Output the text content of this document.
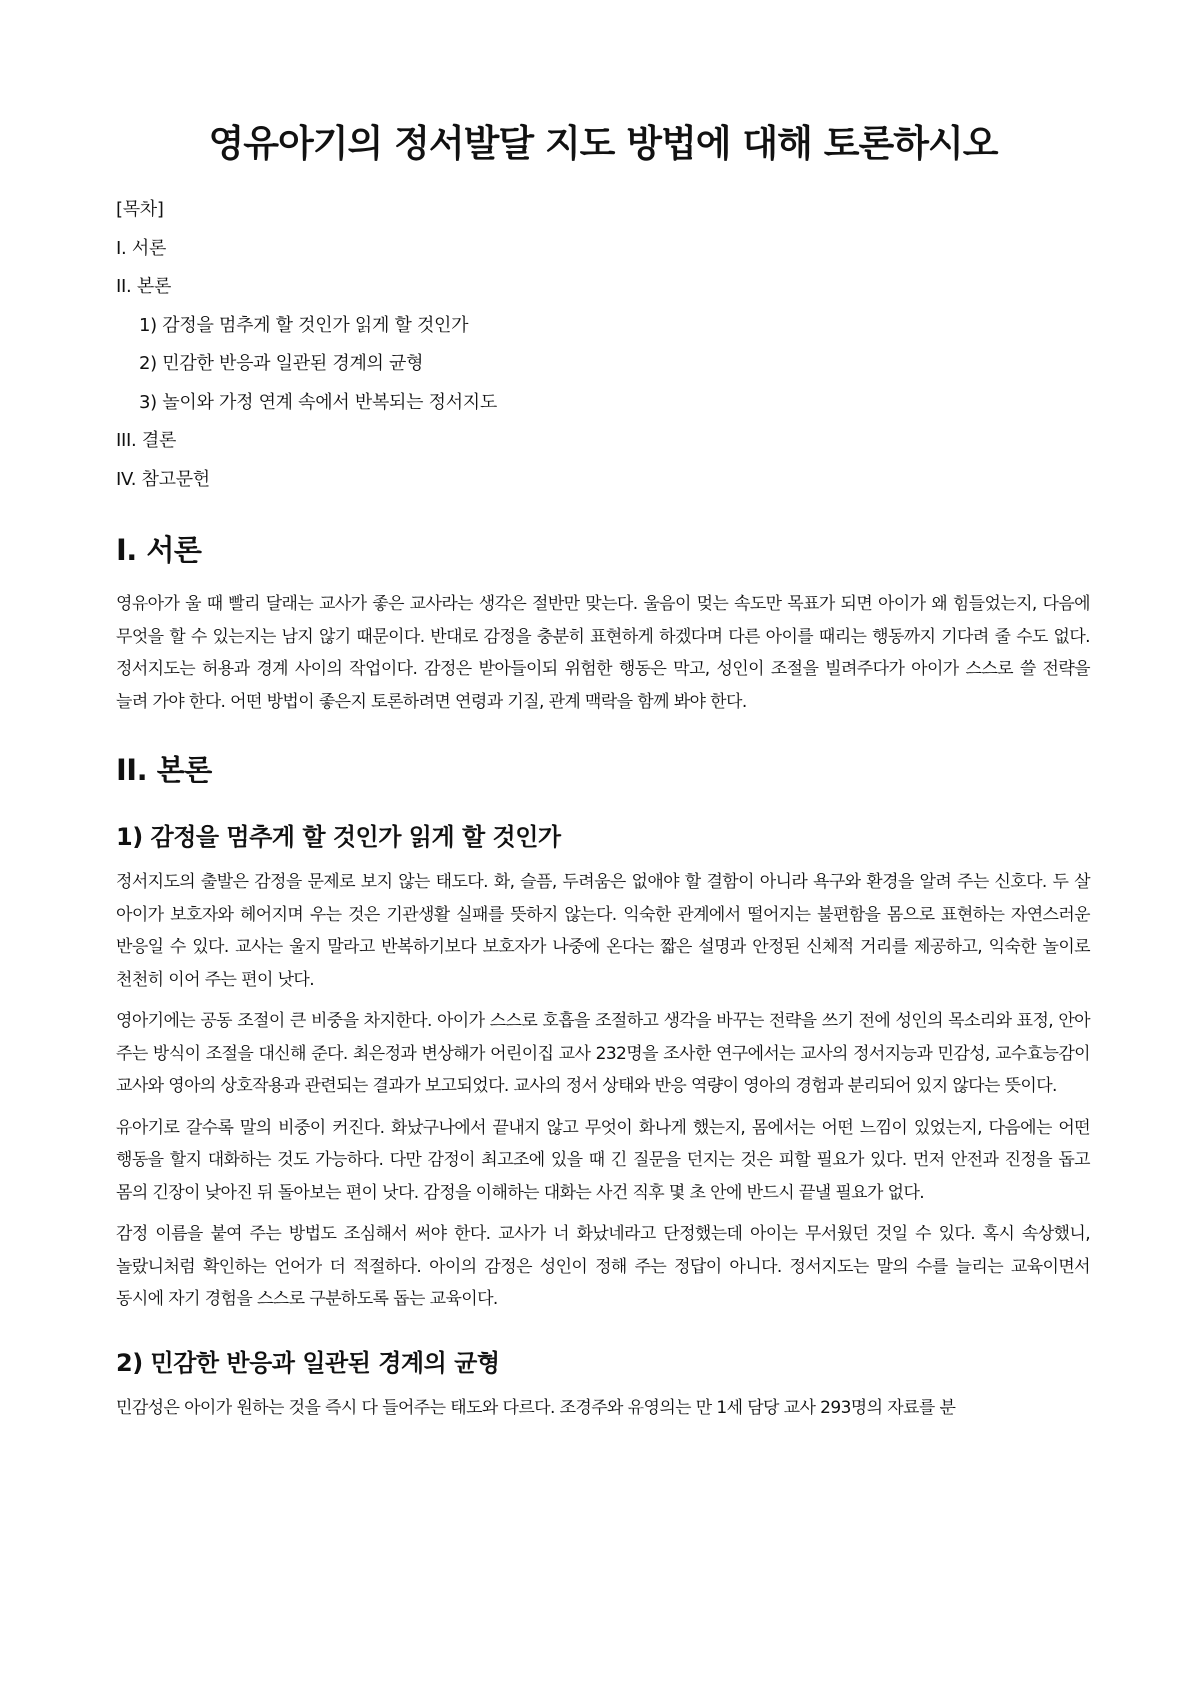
영유아기의 정서발달 지도 방법에 대해 토론하시오
[목차]
I. 서론
II. 본론
1) 감정을 멈추게 할 것인가 읽게 할 것인가
2) 민감한 반응과 일관된 경계의 균형
3) 놀이와 가정 연계 속에서 반복되는 정서지도
III. 결론
IV. 참고문헌
I. 서론

영유아가 울 때 빨리 달래는 교사가 좋은 교사라는 생각은 절반만 맞는다. 울음이 멎는 속도만 목표가 되면 아이가 왜 힘들었는지, 다음에 무엇을 할 수 있는지는 남지 않기 때문이다. 반대로 감정을 충분히 표현하게 하겠다며 다른 아이를 때리는 행동까지 기다려 줄 수도 없다. 정서지도는 허용과 경계 사이의 작업이다. 감정은 받아들이되 위험한 행동은 막고, 성인이 조절을 빌려주다가 아이가 스스로 쓸 전략을 늘려 가야 한다. 어떤 방법이 좋은지 토론하려면 연령과 기질, 관계 맥락을 함께 봐야 한다.

II. 본론
1) 감정을 멈추게 할 것인가 읽게 할 것인가

정서지도의 출발은 감정을 문제로 보지 않는 태도다. 화, 슬픔, 두려움은 없애야 할 결함이 아니라 욕구와 환경을 알려 주는 신호다. 두 살 아이가 보호자와 헤어지며 우는 것은 기관생활 실패를 뜻하지 않는다. 익숙한 관계에서 떨어지는 불편함을 몸으로 표현하는 자연스러운 반응일 수 있다. 교사는 울지 말라고 반복하기보다 보호자가 나중에 온다는 짧은 설명과 안정된 신체적 거리를 제공하고, 익숙한 놀이로 천천히 이어 주는 편이 낫다.

영아기에는 공동 조절이 큰 비중을 차지한다. 아이가 스스로 호흡을 조절하고 생각을 바꾸는 전략을 쓰기 전에 성인의 목소리와 표정, 안아 주는 방식이 조절을 대신해 준다. 최은정과 변상해가 어린이집 교사 232명을 조사한 연구에서는 교사의 정서지능과 민감성, 교수효능감이 교사와 영아의 상호작용과 관련되는 결과가 보고되었다. 교사의 정서 상태와 반응 역량이 영아의 경험과 분리되어 있지 않다는 뜻이다.

유아기로 갈수록 말의 비중이 커진다. 화났구나에서 끝내지 않고 무엇이 화나게 했는지, 몸에서는 어떤 느낌이 있었는지, 다음에는 어떤 행동을 할지 대화하는 것도 가능하다. 다만 감정이 최고조에 있을 때 긴 질문을 던지는 것은 피할 필요가 있다. 먼저 안전과 진정을 돕고 몸의 긴장이 낮아진 뒤 돌아보는 편이 낫다. 감정을 이해하는 대화는 사건 직후 몇 초 안에 반드시 끝낼 필요가 없다.

감정 이름을 붙여 주는 방법도 조심해서 써야 한다. 교사가 너 화났네라고 단정했는데 아이는 무서웠던 것일 수 있다. 혹시 속상했니, 놀랐니처럼 확인하는 언어가 더 적절하다. 아이의 감정은 성인이 정해 주는 정답이 아니다. 정서지도는 말의 수를 늘리는 교육이면서 동시에 자기 경험을 스스로 구분하도록 돕는 교육이다.

2) 민감한 반응과 일관된 경계의 균형

민감성은 아이가 원하는 것을 즉시 다 들어주는 태도와 다르다. 조경주와 유영의는 만 1세 담당 교사 293명의 자료를 분
